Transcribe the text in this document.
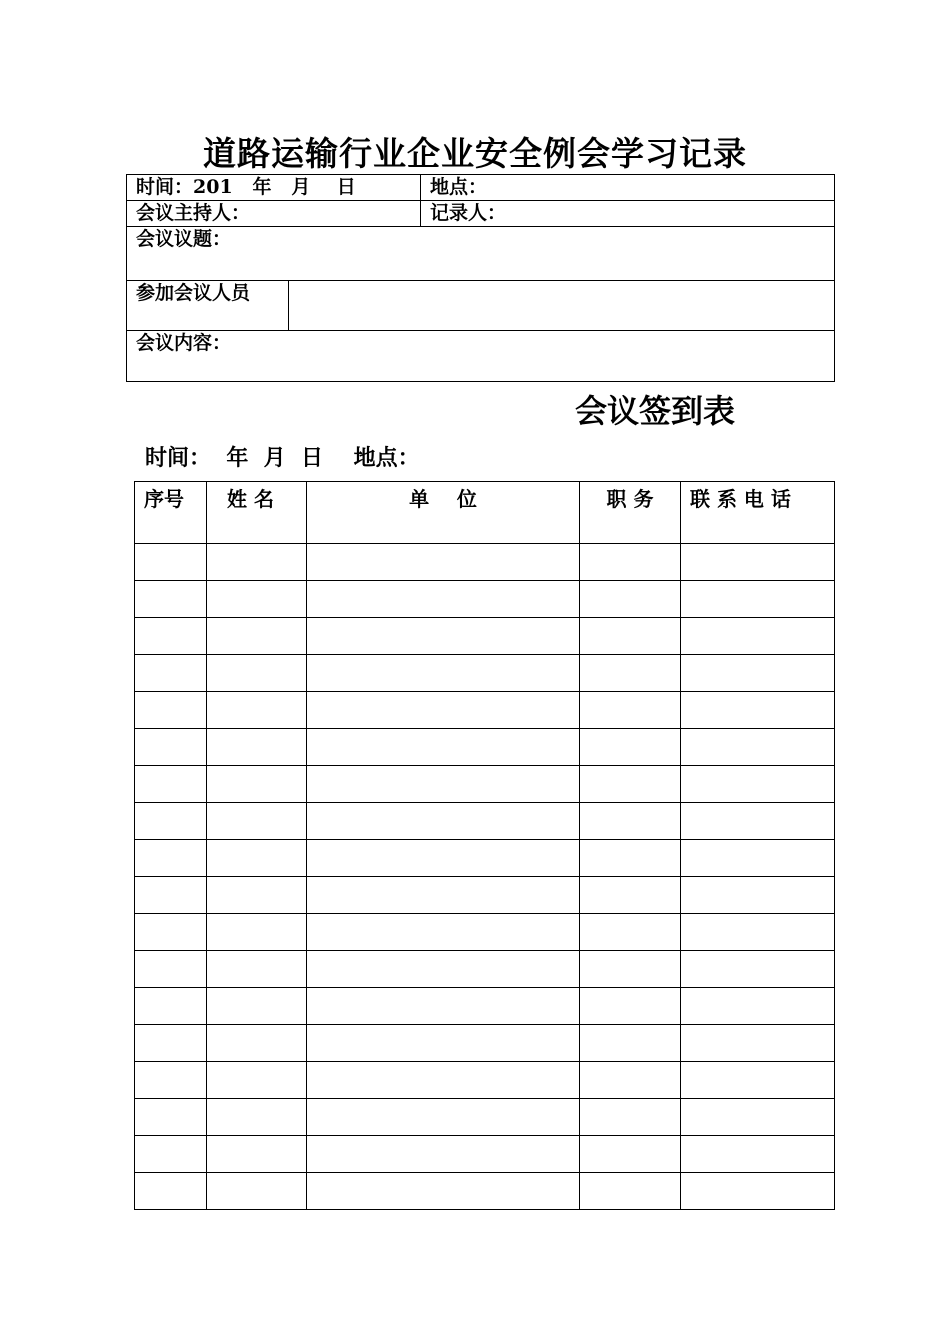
道路运输行业企业安全例会学习记录
时间：201   年   月    日		地点：
会议主持人：		记录人：
会议议题：		
参加会议人员		
会议内容：		
会议签到表
时间：  年  月  日    地点：
序号	姓 名	单    位	职 务	联 系 电 话
